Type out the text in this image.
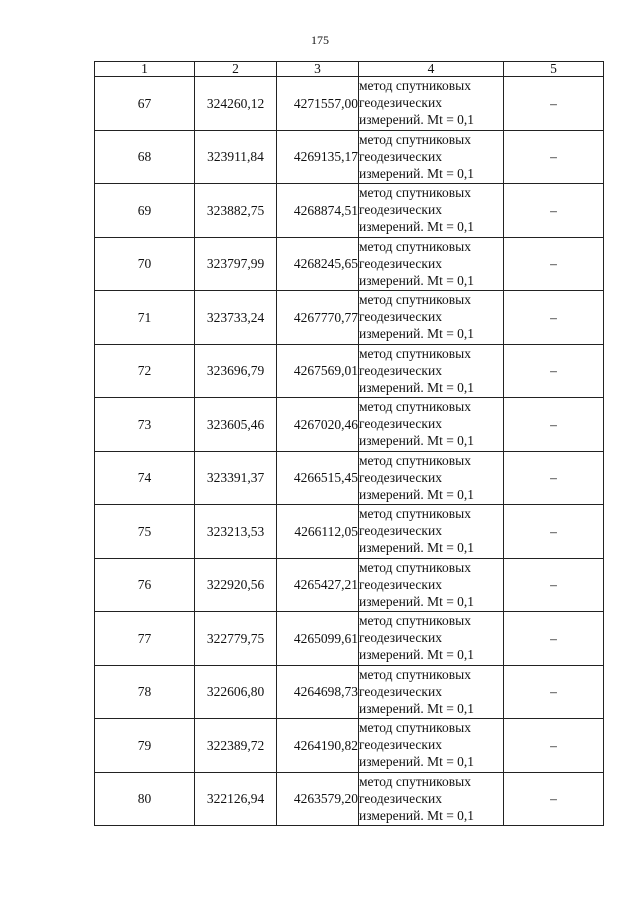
175
1	2	3	4	5
67	324260,12	4271557,00	метод спутниковых
геодезических
измерений. Mt = 0,1	–
68	323911,84	4269135,17	метод спутниковых
геодезических
измерений. Mt = 0,1	–
69	323882,75	4268874,51	метод спутниковых
геодезических
измерений. Mt = 0,1	–
70	323797,99	4268245,65	метод спутниковых
геодезических
измерений. Mt = 0,1	–
71	323733,24	4267770,77	метод спутниковых
геодезических
измерений. Mt = 0,1	–
72	323696,79	4267569,01	метод спутниковых
геодезических
измерений. Mt = 0,1	–
73	323605,46	4267020,46	метод спутниковых
геодезических
измерений. Mt = 0,1	–
74	323391,37	4266515,45	метод спутниковых
геодезических
измерений. Mt = 0,1	–
75	323213,53	4266112,05	метод спутниковых
геодезических
измерений. Mt = 0,1	–
76	322920,56	4265427,21	метод спутниковых
геодезических
измерений. Mt = 0,1	–
77	322779,75	4265099,61	метод спутниковых
геодезических
измерений. Mt = 0,1	–
78	322606,80	4264698,73	метод спутниковых
геодезических
измерений. Mt = 0,1	–
79	322389,72	4264190,82	метод спутниковых
геодезических
измерений. Mt = 0,1	–
80	322126,94	4263579,20	метод спутниковых
геодезических
измерений. Mt = 0,1	–
